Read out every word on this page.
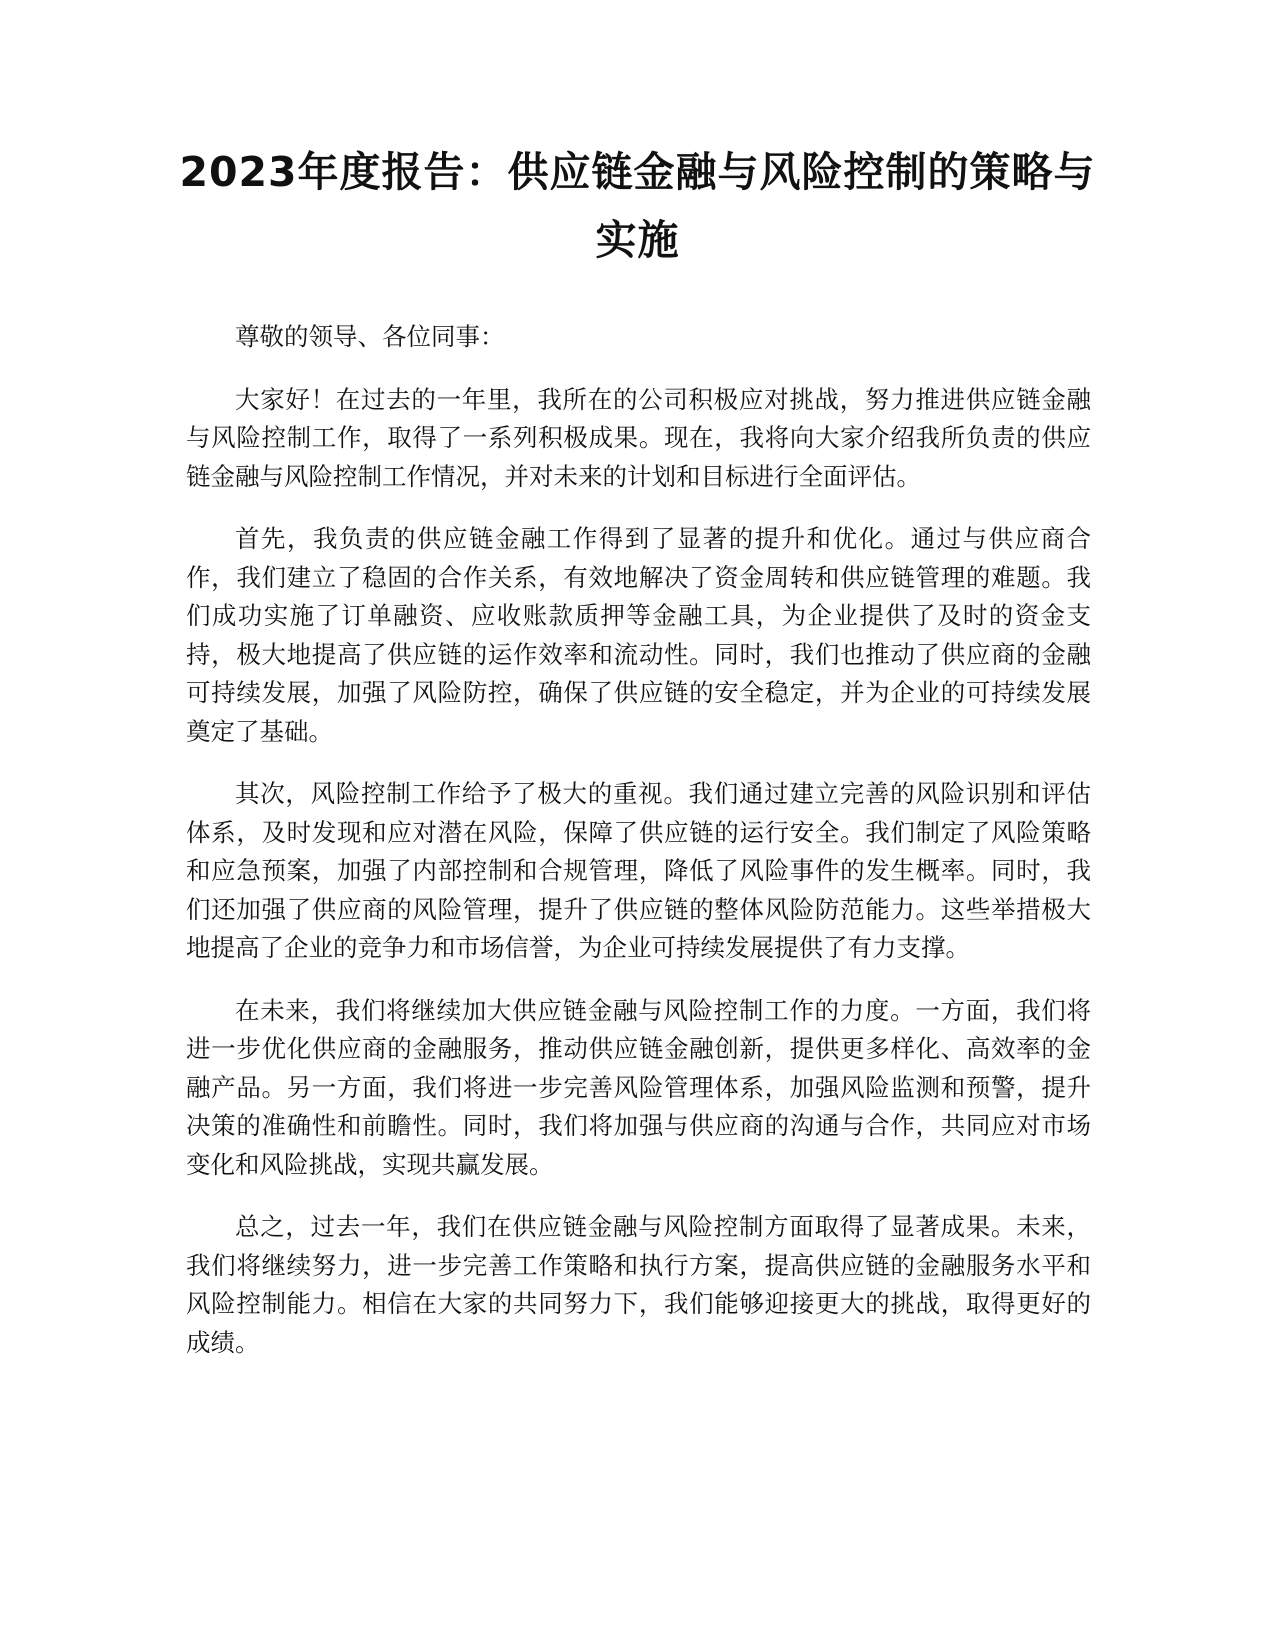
2023年度报告：供应链金融与风险控制的策略与实施

尊敬的领导、各位同事：

大家好！在过去的一年里，我所在的公司积极应对挑战，努力推进供应链金融与风险控制工作，取得了一系列积极成果。现在，我将向大家介绍我所负责的供应链金融与风险控制工作情况，并对未来的计划和目标进行全面评估。

首先，我负责的供应链金融工作得到了显著的提升和优化。通过与供应商合作，我们建立了稳固的合作关系，有效地解决了资金周转和供应链管理的难题。我们成功实施了订单融资、应收账款质押等金融工具，为企业提供了及时的资金支持，极大地提高了供应链的运作效率和流动性。同时，我们也推动了供应商的金融可持续发展，加强了风险防控，确保了供应链的安全稳定，并为企业的可持续发展奠定了基础。

其次，风险控制工作给予了极大的重视。我们通过建立完善的风险识别和评估体系，及时发现和应对潜在风险，保障了供应链的运行安全。我们制定了风险策略和应急预案，加强了内部控制和合规管理，降低了风险事件的发生概率。同时，我们还加强了供应商的风险管理，提升了供应链的整体风险防范能力。这些举措极大地提高了企业的竞争力和市场信誉，为企业可持续发展提供了有力支撑。

在未来，我们将继续加大供应链金融与风险控制工作的力度。一方面，我们将进一步优化供应商的金融服务，推动供应链金融创新，提供更多样化、高效率的金融产品。另一方面，我们将进一步完善风险管理体系，加强风险监测和预警，提升决策的准确性和前瞻性。同时，我们将加强与供应商的沟通与合作，共同应对市场变化和风险挑战，实现共赢发展。

总之，过去一年，我们在供应链金融与风险控制方面取得了显著成果。未来，我们将继续努力，进一步完善工作策略和执行方案，提高供应链的金融服务水平和风险控制能力。相信在大家的共同努力下，我们能够迎接更大的挑战，取得更好的成绩。
